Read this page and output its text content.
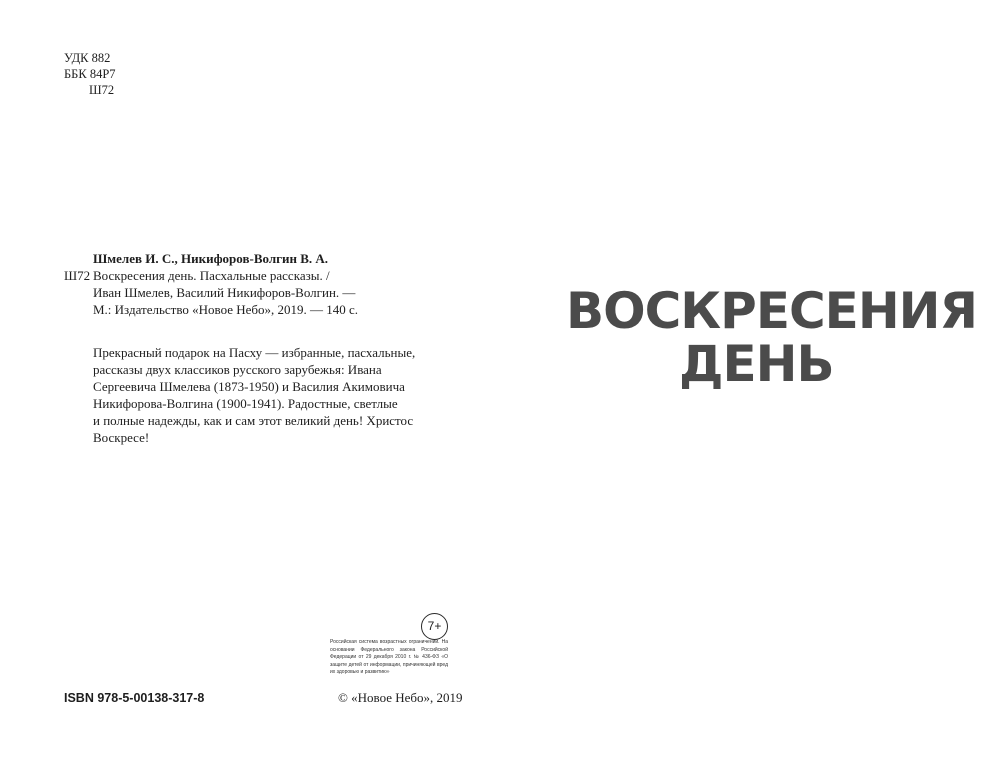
УДК 882
ББК 84Р7
Ш72
Шмелев И. С., Никифоров-Волгин В. А.
Ш72 Воскресения день. Пасхальные рассказы. /
Иван Шмелев, Василий Никифоров-Волгин. —
М.: Издательство «Новое Небо», 2019. — 140 с.
Прекрасный подарок на Пасху — избранные, пасхальные,
рассказы двух классиков русского зарубежья: Ивана
Сергеевича Шмелева (1873-1950) и Василия Акимовича
Никифорова-Волгина (1900-1941). Радостные, светлые
и полные надежды, как и сам этот великий день! Христос
Воскресе!
ВОСКРЕСЕНИЯ
ДЕНЬ
7+
Российская система возрастных ограничений. На основании Федерального закона Российской Федерации от 29 декабря 2010 г. № 436-ФЗ «О защите детей от информации, причиняющей вред их здоровью и развитию»
ISBN 978-5-00138-317-8	© «Новое Небо», 2019
